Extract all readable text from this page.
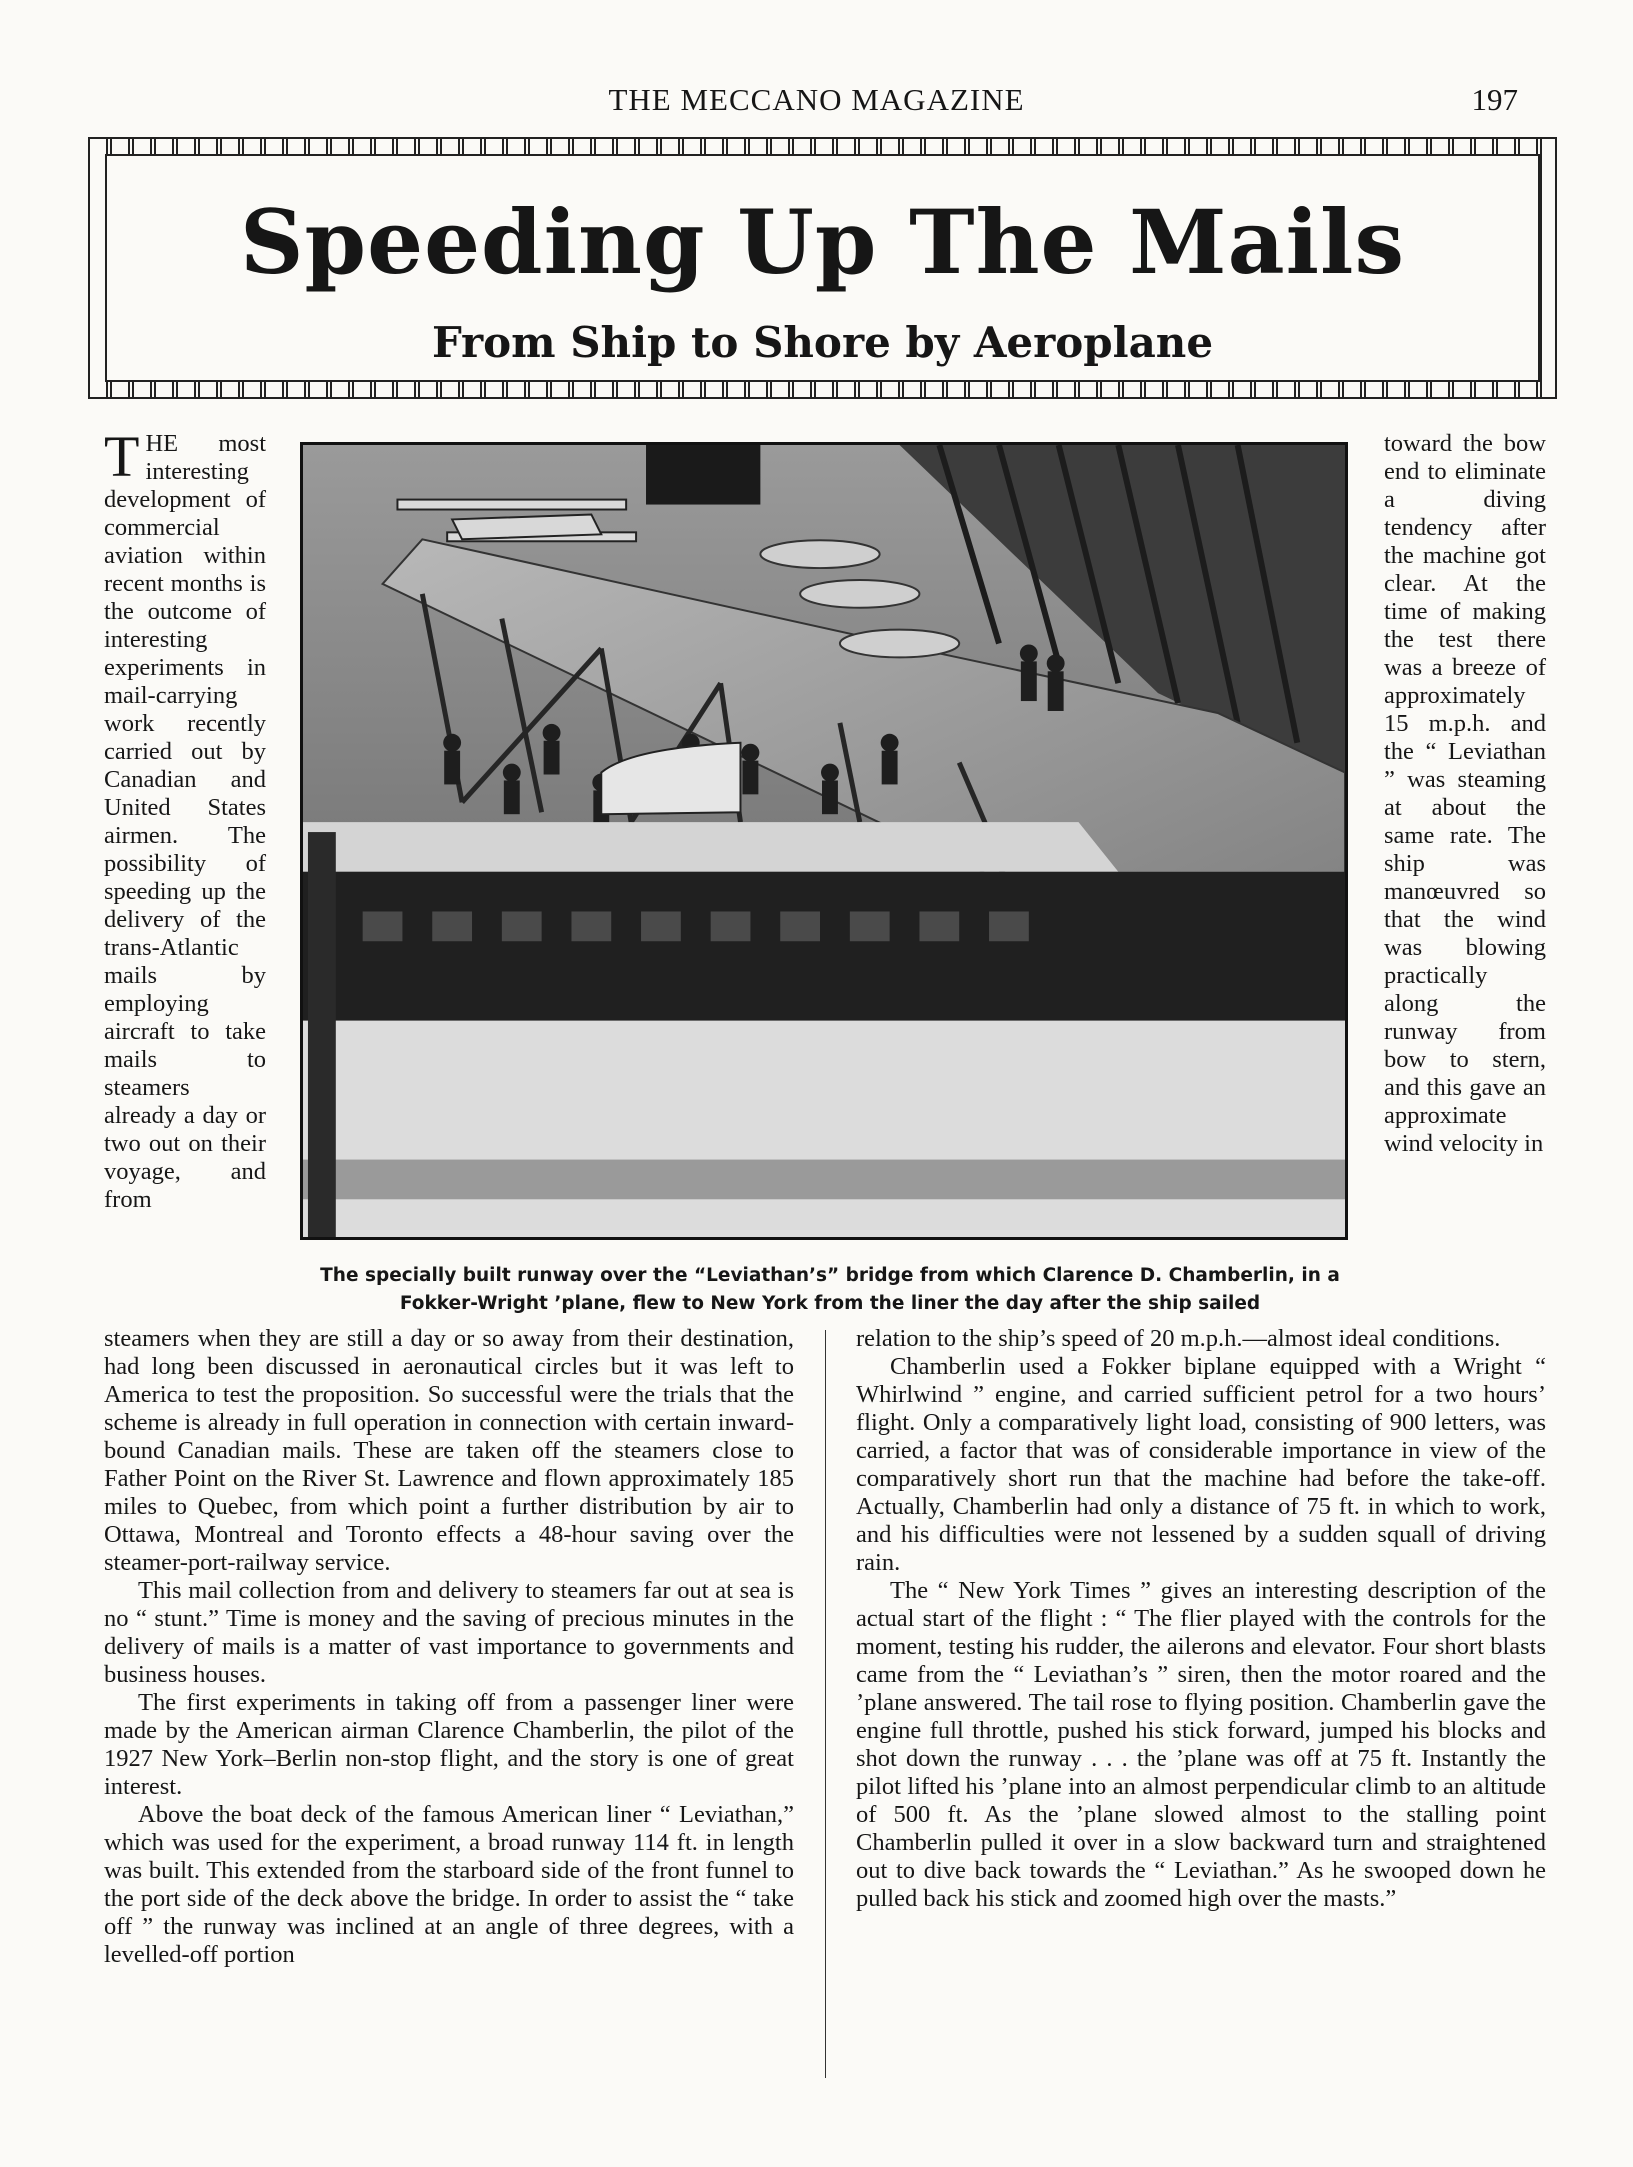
THE MECCANO MAGAZINE	197
Speeding Up The Mails
From Ship to Shore by Aeroplane

THE most interesting development of commercial aviation within recent months is the outcome of interesting experiments in mail-carrying work recently carried out by Canadian and United States airmen. The possibility of speeding up the delivery of the trans-Atlantic mails by employing aircraft to take mails to steamers already a day or two out on their voyage, and from

The specially built runway over the “Leviathan’s” bridge from which Clarence D. Chamberlin, in a
Fokker-Wright ’plane, flew to New York from the liner the day after the ship sailed

toward the bow end to eliminate a diving tendency after the machine got clear. At the time of making the test there was a breeze of approximately 15 m.p.h. and the “ Leviathan ” was steaming at about the same rate. The ship was manœuvred so that the wind was blowing practically along the runway from bow to stern, and this gave an approximate wind velocity in

steamers when they are still a day or so away from their destination, had long been discussed in aeronautical circles but it was left to America to test the proposition. So successful were the trials that the scheme is already in full operation in connection with certain inward-bound Canadian mails. These are taken off the steamers close to Father Point on the River St. Lawrence and flown approximately 185 miles to Quebec, from which point a further distribution by air to Ottawa, Montreal and Toronto effects a 48-hour saving over the steamer-port-railway service.

This mail collection from and delivery to steamers far out at sea is no “ stunt.” Time is money and the saving of precious minutes in the delivery of mails is a matter of vast importance to governments and business houses.

The first experiments in taking off from a passenger liner were made by the American airman Clarence Chamberlin, the pilot of the 1927 New York–Berlin non-stop flight, and the story is one of great interest.

Above the boat deck of the famous American liner “ Leviathan,” which was used for the experiment, a broad runway 114 ft. in length was built. This extended from the starboard side of the front funnel to the port side of the deck above the bridge. In order to assist the “ take off ” the runway was inclined at an angle of three degrees, with a levelled-off portion

relation to the ship’s speed of 20 m.p.h.—almost ideal conditions.

Chamberlin used a Fokker biplane equipped with a Wright “ Whirlwind ” engine, and carried sufficient petrol for a two hours’ flight. Only a comparatively light load, consisting of 900 letters, was carried, a factor that was of considerable importance in view of the comparatively short run that the machine had before the take-off. Actually, Chamberlin had only a distance of 75 ft. in which to work, and his difficulties were not lessened by a sudden squall of driving rain.

The “ New York Times ” gives an interesting description of the actual start of the flight : “ The flier played with the controls for the moment, testing his rudder, the ailerons and elevator. Four short blasts came from the “ Leviathan’s ” siren, then the motor roared and the ’plane answered. The tail rose to flying position. Chamberlin gave the engine full throttle, pushed his stick forward, jumped his blocks and shot down the runway . . . the ’plane was off at 75 ft. Instantly the pilot lifted his ’plane into an almost perpendicular climb to an altitude of 500 ft. As the ’plane slowed almost to the stalling point Chamberlin pulled it over in a slow backward turn and straightened out to dive back towards the “ Leviathan.” As he swooped down he pulled back his stick and zoomed high over the masts.”
